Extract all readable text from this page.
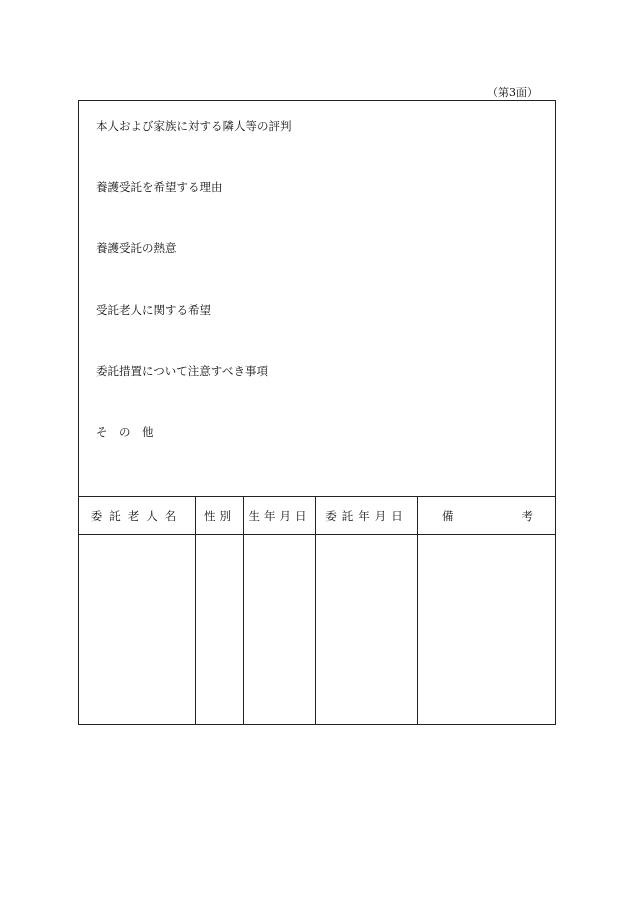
（第3面）
本人および家族に対する隣人等の評判
養護受託を希望する理由
養護受託の熱意
受託老人に関する希望
委託措置について注意すべき事項
そ　の　他
委託老人名	性別	生年月日	委託年月日	備 考
